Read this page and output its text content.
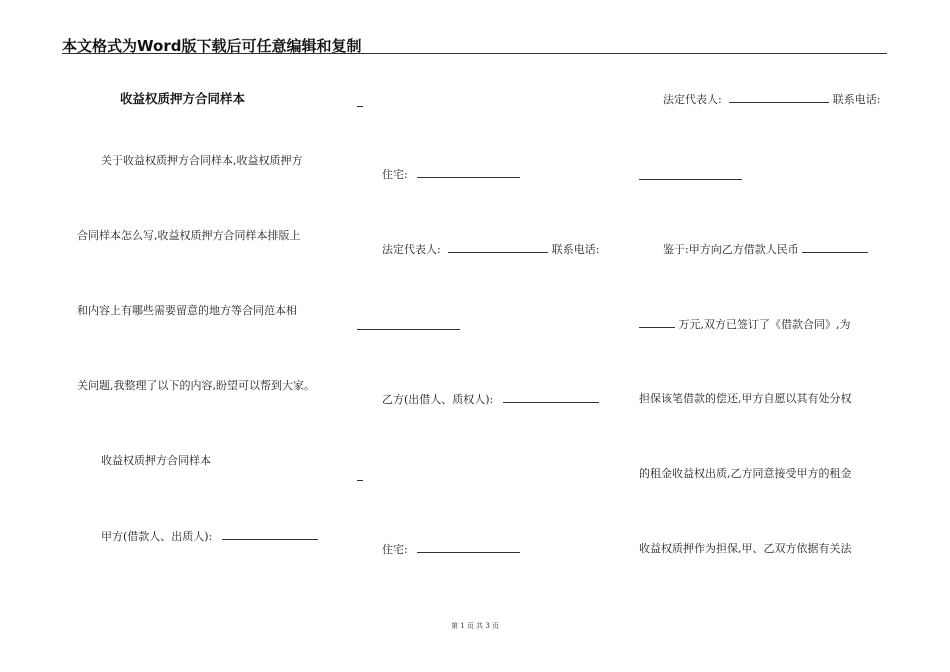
本文格式为Word版下载后可任意编辑和复制
收益权质押方合同样本
关于收益权质押方合同样本,收益权质押方
合同样本怎么写,收益权质押方合同样本排版上
和内容上有哪些需要留意的地方等合同范本相
关问题,我整理了以下的内容,盼望可以帮到大家。
收益权质押方合同样本
甲方(借款人、出质人):
住宅:
法定代表人:	联系电话:
乙方(出借人、质权人):
住宅:
法定代表人:	联系电话:
鉴于:甲方向乙方借款人民币
万元,双方已签订了《借款合同》,为
担保该笔借款的偿还,甲方自愿以其有处分权
的租金收益权出质,乙方同意接受甲方的租金
收益权质押作为担保,甲、乙双方依据有关法
第 1 页 共 3 页
